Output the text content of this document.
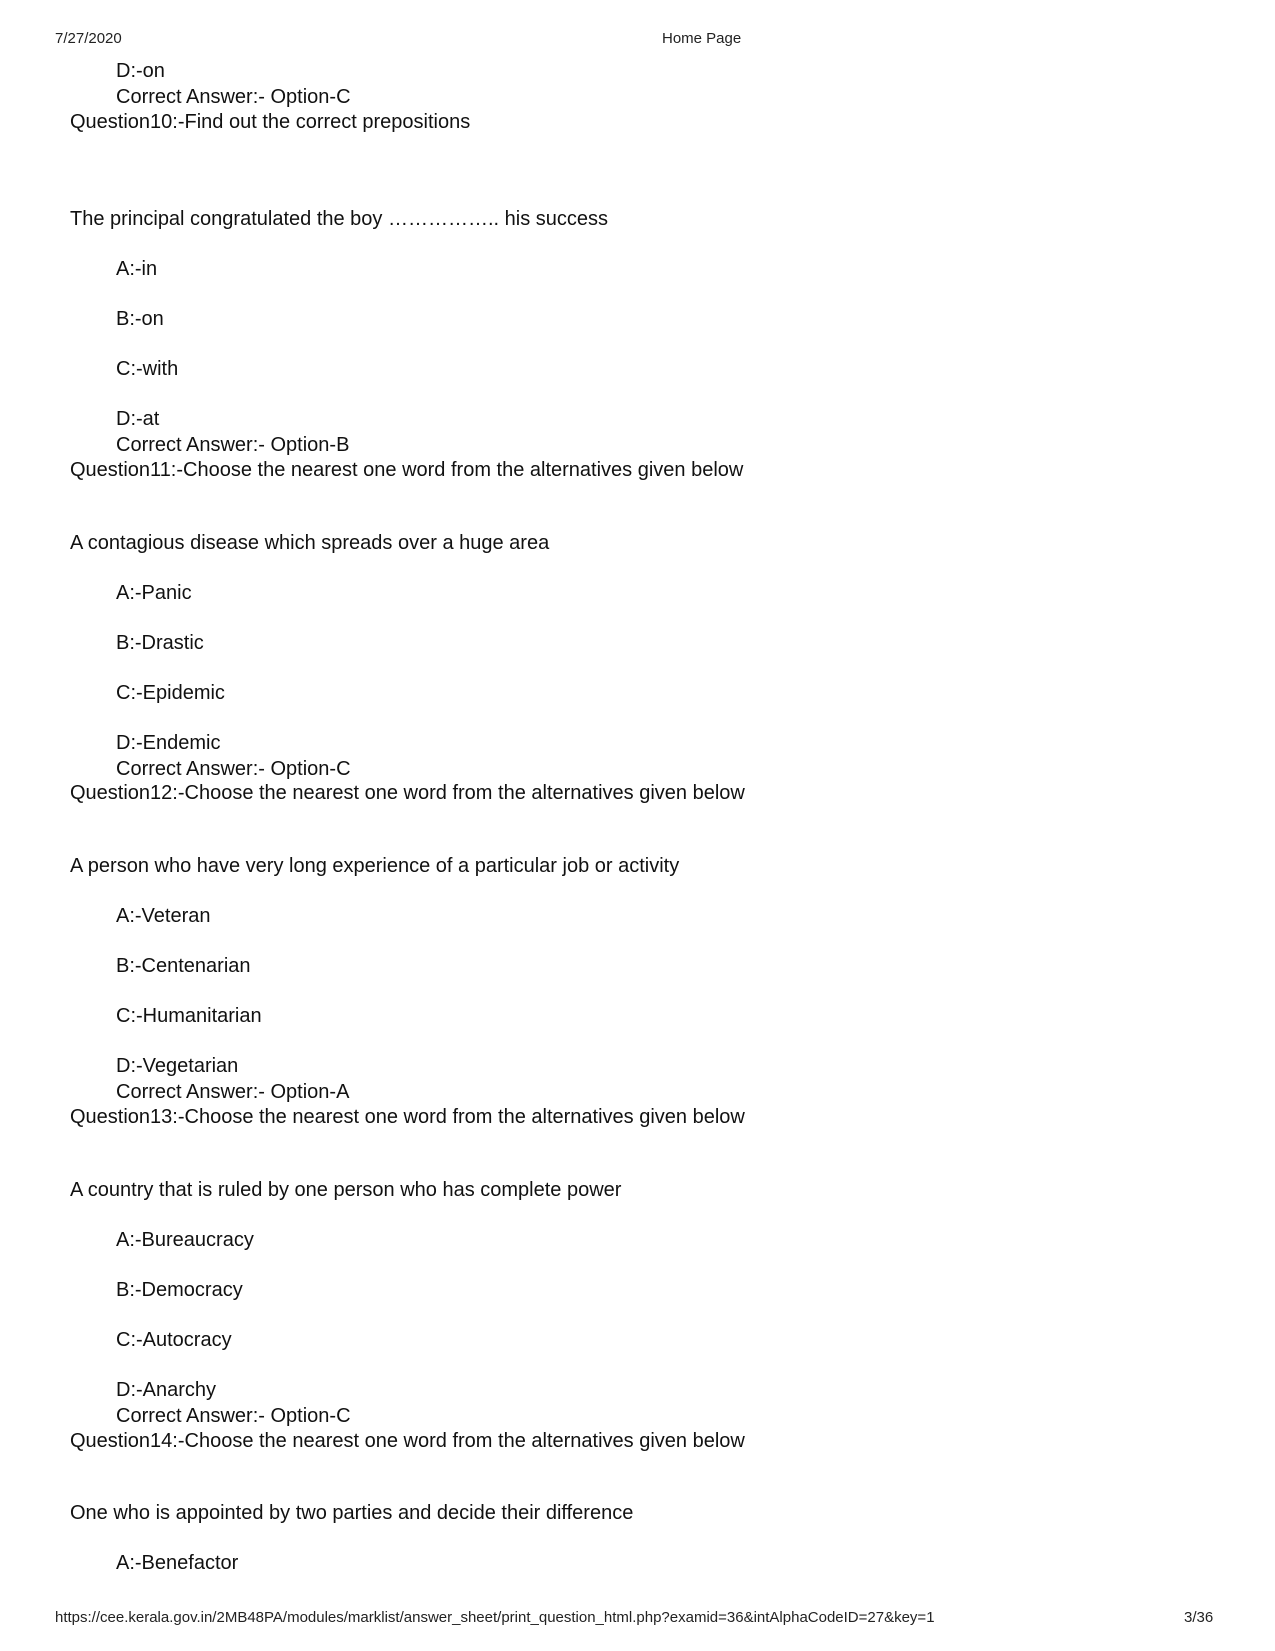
7/27/2020	Home Page
D:-on
Correct Answer:- Option-C
Question10:-Find out the correct prepositions
The principal congratulated the boy …………….. his success
A:-in
B:-on
C:-with
D:-at
Correct Answer:- Option-B
Question11:-Choose the nearest one word from the alternatives given below
A contagious disease which spreads over a huge area
A:-Panic
B:-Drastic
C:-Epidemic
D:-Endemic
Correct Answer:- Option-C
Question12:-Choose the nearest one word from the alternatives given below
A person who have very long experience of a particular job or activity
A:-Veteran
B:-Centenarian
C:-Humanitarian
D:-Vegetarian
Correct Answer:- Option-A
Question13:-Choose the nearest one word from the alternatives given below
A country that is ruled by one person who has complete power
A:-Bureaucracy
B:-Democracy
C:-Autocracy
D:-Anarchy
Correct Answer:- Option-C
Question14:-Choose the nearest one word from the alternatives given below
One who is appointed by two parties and decide their difference
A:-Benefactor
https://cee.kerala.gov.in/2MB48PA/modules/marklist/answer_sheet/print_question_html.php?examid=36&intAlphaCodeID=27&key=1	3/36
